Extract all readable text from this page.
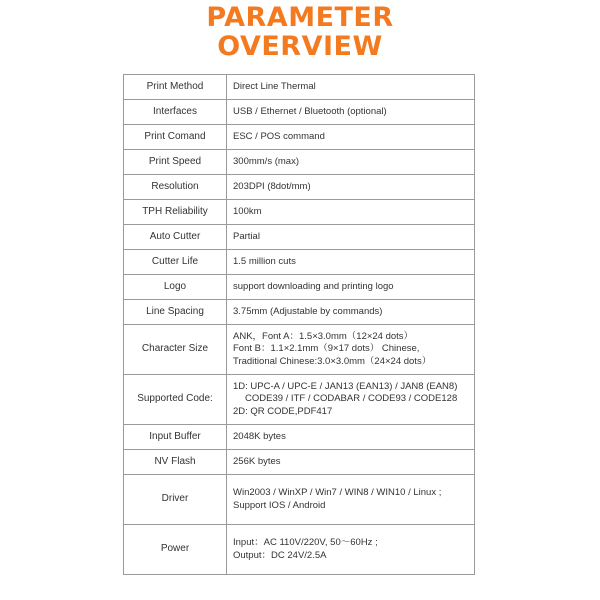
PARAMETER
OVERVIEW
Print Method	Direct Line Thermal

Interfaces	USB / Ethernet / Bluetooth (optional)

Print Comand	ESC / POS command

Print Speed	300mm/s (max)

Resolution	203DPI (8dot/mm)

TPH Reliability	100km

Auto Cutter	Partial

Cutter Life	1.5 million cuts

Logo	support downloading and printing logo

Line Spacing	3.75mm (Adjustable by commands)

Character Size	ANK，Font A：1.5×3.0mm（12×24 dots）
Font B：1.1×2.1mm（9×17 dots） Chinese,
Traditional Chinese:3.0×3.0mm（24×24 dots）

Supported Code:	1D: UPC-A / UPC-E / JAN13 (EAN13) / JAN8 (EAN8)
CODE39 / ITF / CODABAR / CODE93 / CODE128
2D: QR CODE,PDF417

Input Buffer	2048K bytes

NV Flash	256K bytes

Driver	Win2003 / WinXP / Win7 / WIN8 / WIN10 / Linux ;
Support IOS / Android

Power	Input：AC 110V/220V, 50～60Hz ;
Output：DC 24V/2.5A
